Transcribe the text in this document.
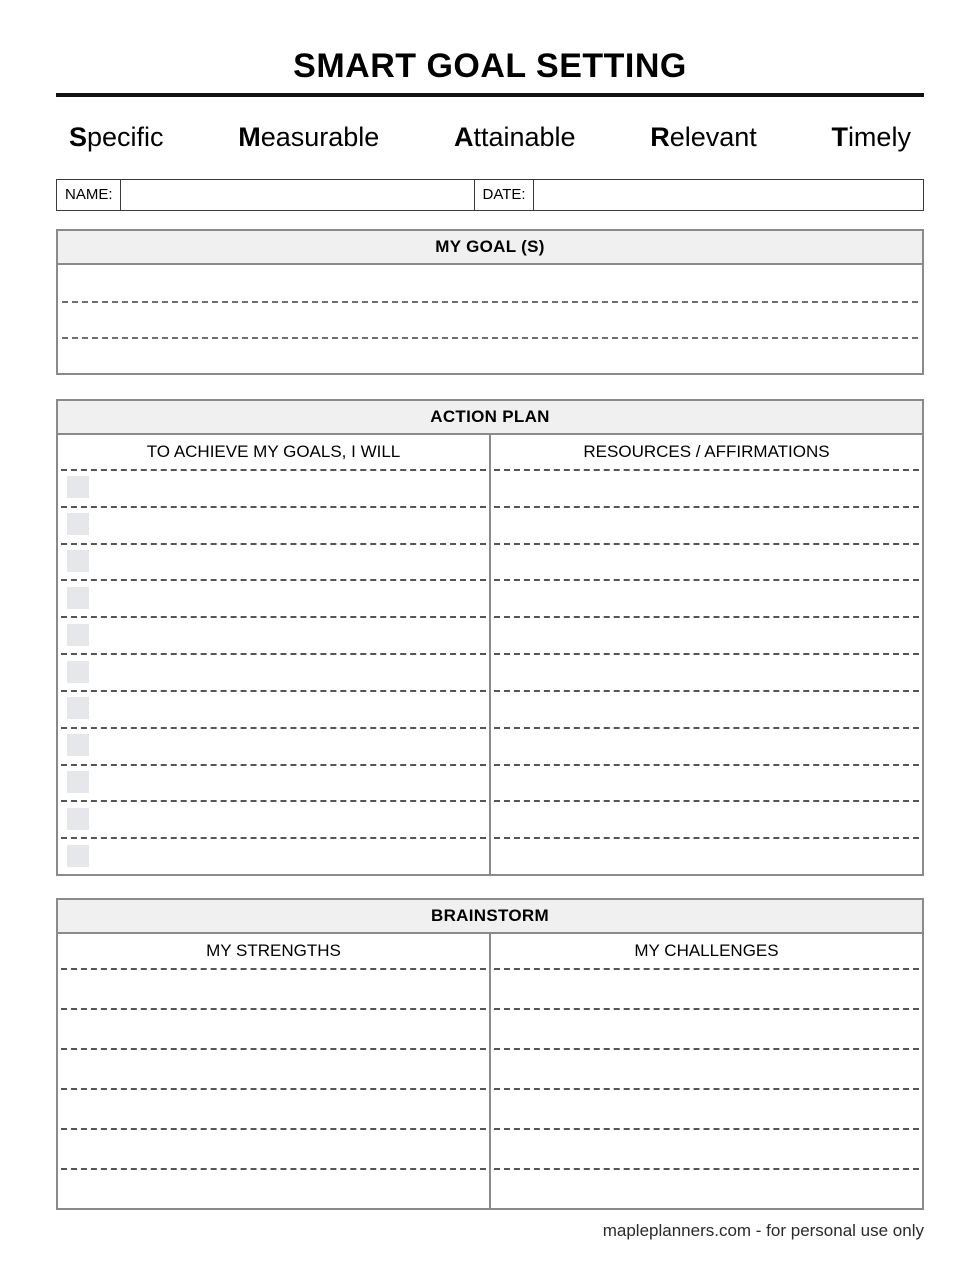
SMART GOAL SETTING
Specific	Measurable	Attainable	Relevant	Timely
NAME:	DATE:
MY GOAL (S)
ACTION PLAN
TO ACHIEVE MY GOALS, I WILL	RESOURCES / AFFIRMATIONS
BRAINSTORM
MY STRENGTHS	MY CHALLENGES
mapleplanners.com - for personal use only
